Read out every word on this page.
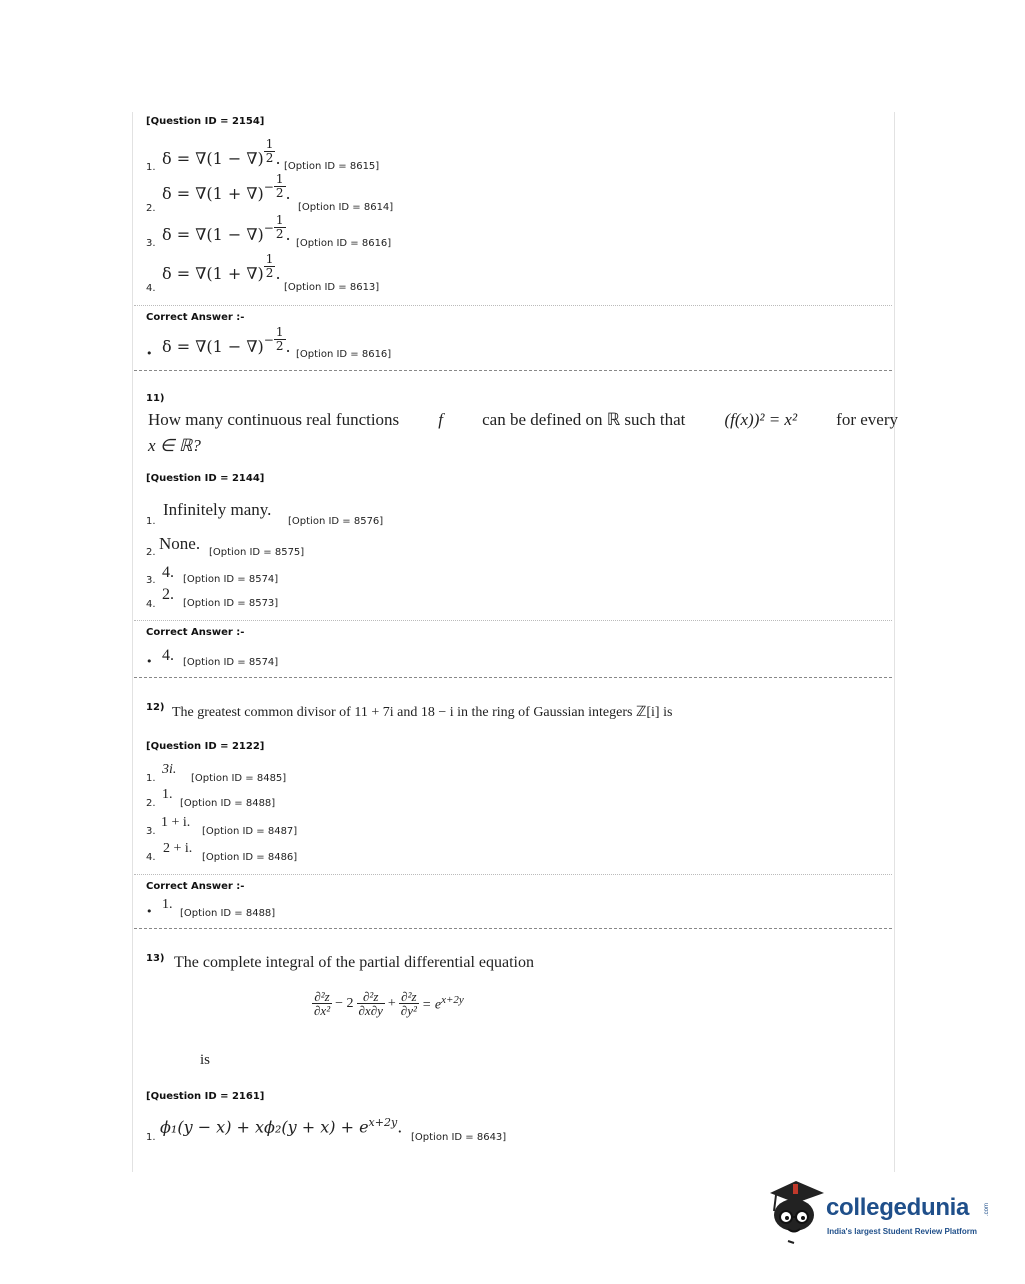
[Question ID = 2154]
1. δ = ∇(1 − ∇) $\frac{1}{2}$ . [Option ID = 8615]
2.
$\delta = \nabla(1 + \nabla)^- \frac{1}{2}$ .
[Option ID = 8614]
3. $\delta = \nabla(1 - \nabla)^- \frac{1}{2}$ . [Option ID = 8616]
4.
δ = ∇(1 + ∇) $\frac{1}{2}$ .
[Option ID = 8613]
Correct Answer :-
• $\delta = \nabla(1 - \nabla)^- \frac{1}{2}$ . [Option ID = 8616]
11)
How many continuous real functions f can be defined on ℝ such that (f(x))² = x² for every
x ∈ ℝ?
[Question ID = 2144]
1.
Infinitely many.
[Option ID = 8576]
2. None. [Option ID = 8575]
3. 4. [Option ID = 8574]
4.
2.
[Option ID = 8573]
Correct Answer :-
• 4. [Option ID = 8574]
12) The greatest common divisor of 11 + 7i and 18 − i in the ring of Gaussian integers ℤ[i] is
[Question ID = 2122]
1.
3i.
[Option ID = 8485]
2.
1.
[Option ID = 8488]
3.
1 + i.
[Option ID = 8487]
4.
2 + i.
[Option ID = 8486]
Correct Answer :-
• 1.
[Option ID = 8488]
13) The complete integral of the partial differential equation
$\frac{\text{∂²z}}{\text{∂x²}} - 2 \frac{\text{∂²z}}{\partial x\partial y} + \frac{\text{∂²z}}{\text{∂y²}} = e^{x+2y}$
is
[Question ID = 2161]
1.
$\phi_1(y - x) + x\phi_2(y + x) + e^{x+2y}$.
[Option ID = 8643]
collegedunia .com
India's largest Student Review Platform
